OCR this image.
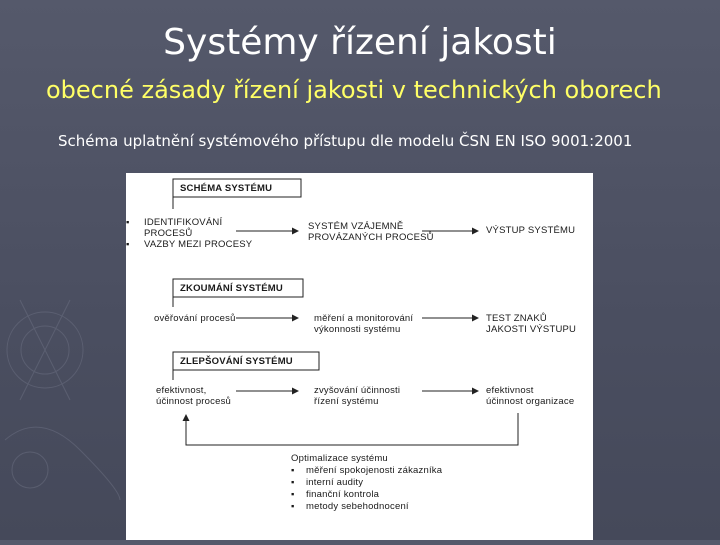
Systémy řízení jakosti
obecné zásady řízení jakosti v technických oborech
Schéma uplatnění systémového přístupu dle modelu ČSN EN ISO 9001:2001
SCHÉMA SYSTÉMU
▪ IDENTIFIKOVÁNÍ
PROCESŮ
▪ VAZBY MEZI PROCESY
SYSTÉM VZÁJEMNĚ
PROVÁZANÝCH PROCESŮ
VÝSTUP SYSTÉMU
ZKOUMÁNÍ SYSTÉMU
ověřování procesů	měření a monitorování
výkonnosti systému
TEST ZNAKŮ
JAKOSTI VÝSTUPU
ZLEPŠOVÁNÍ SYSTÉMU
efektivnost,
účinnost procesů
zvyšování účinnosti
řízení systému
efektivnost
účinnost organizace
Optimalizace systému
▪ měření spokojenosti zákazníka
▪ interní audity
▪ finanční kontrola
▪ metody sebehodnocení
